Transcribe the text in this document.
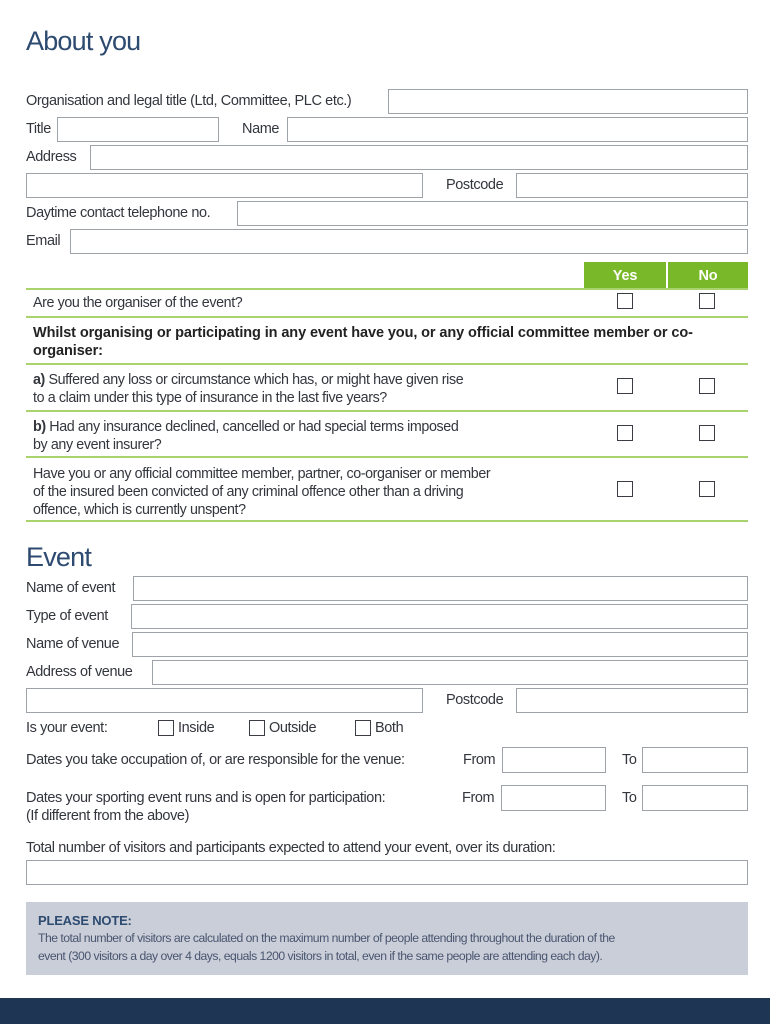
About you
Organisation and legal title (Ltd, Committee, PLC etc.)
Title	Name
Address
Postcode
Daytime contact telephone no.
Email
Yes	No
Are you the organiser of the event?
Whilst organising or participating in any event have you, or any official committee member or co-organiser:
a) Suffered any loss or circumstance which has, or might have given rise
to a claim under this type of insurance in the last five years?
b) Had any insurance declined, cancelled or had special terms imposed
by any event insurer?
Have you or any official committee member, partner, co-organiser or member
of the insured been convicted of any criminal offence other than a driving
offence, which is currently unspent?
Event
Name of event
Type of event
Name of venue
Address of venue
Postcode
Is your event:	Inside	Outside	Both
Dates you take occupation of, or are responsible for the venue:	From	To
Dates your sporting event runs and is open for participation:
(If different from the above)
From	To
Total number of visitors and participants expected to attend your event, over its duration:
PLEASE NOTE:
The total number of visitors are calculated on the maximum number of people attending throughout the duration of the
event (300 visitors a day over 4 days, equals 1200 visitors in total, even if the same people are attending each day).
